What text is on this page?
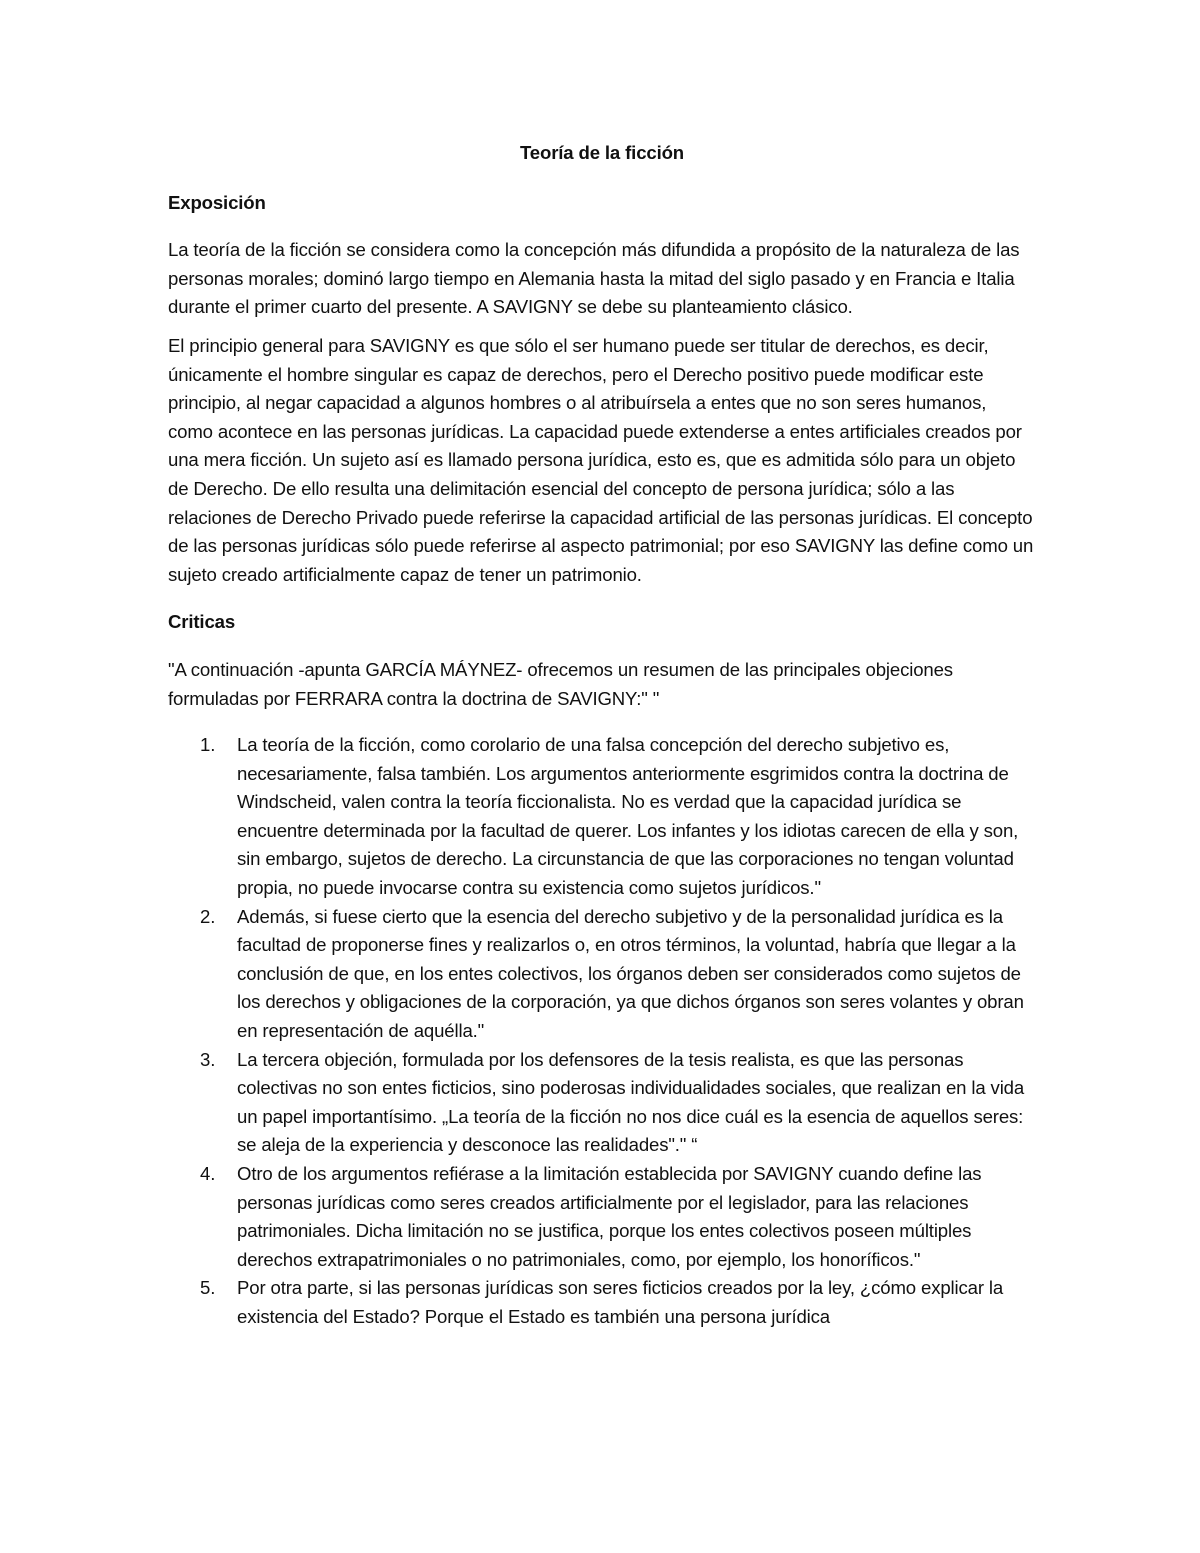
Teoría de la ficción
Exposición

La teoría de la ficción se considera como la concepción más difundida a propósito de la naturaleza de las personas morales; dominó largo tiempo en Alemania hasta la mitad del siglo pasado y en Francia e Italia durante el primer cuarto del presente. A SAVIGNY se debe su planteamiento clásico.

El principio general para SAVIGNY es que sólo el ser humano puede ser titular de derechos, es decir, únicamente el hombre singular es capaz de derechos, pero el Derecho positivo puede modificar este principio, al negar capacidad a algunos hombres o al atribuírsela a entes que no son seres humanos, como acontece en las personas jurídicas. La capacidad puede extenderse a entes artificiales creados por una mera ficción. Un sujeto así es llamado persona jurídica, esto es, que es admitida sólo para un objeto de Derecho. De ello resulta una delimitación esencial del concepto de persona jurídica; sólo a las relaciones de Derecho Privado puede referirse la capacidad artificial de las personas jurídicas. El concepto de las personas jurídicas sólo puede referirse al aspecto patrimonial; por eso SAVIGNY las define como un sujeto creado artificialmente capaz de tener un patrimonio.

Criticas

"A continuación -apunta GARCÍA MÁYNEZ- ofrecemos un resumen de las principales objeciones formuladas por FERRARA contra la doctrina de SAVIGNY:" "

1.	La teoría de la ficción, como corolario de una falsa concepción del derecho subjetivo es, necesariamente, falsa también. Los argumentos anteriormente esgrimidos contra la doctrina de Windscheid, valen contra la teoría ficcionalista. No es verdad que la capacidad jurídica se encuentre determinada por la facultad de querer. Los infantes y los idiotas carecen de ella y son, sin embargo, sujetos de derecho. La circunstancia de que las corporaciones no tengan voluntad propia, no puede invocarse contra su existencia como sujetos jurídicos."
2.	Además, si fuese cierto que la esencia del derecho subjetivo y de la personalidad jurídica es la facultad de proponerse fines y realizarlos o, en otros términos, la voluntad, habría que llegar a la conclusión de que, en los entes colectivos, los órganos deben ser considerados como sujetos de los derechos y obligaciones de la corporación, ya que dichos órganos son seres volantes y obran en representación de aquélla."
3.	La tercera objeción, formulada por los defensores de la tesis realista, es que las personas colectivas no son entes ficticios, sino poderosas individualidades sociales, que realizan en la vida un papel importantísimo. „La teoría de la ficción no nos dice cuál es la esencia de aquellos seres: se aleja de la experiencia y desconoce las realidades"." “
4.	Otro de los argumentos refiérase a la limitación establecida por SAVIGNY cuando define las personas jurídicas como seres creados artificialmente por el legislador, para las relaciones patrimoniales. Dicha limitación no se justifica, porque los entes colectivos poseen múltiples derechos extrapatrimoniales o no patrimoniales, como, por ejemplo, los honoríficos."
5.	Por otra parte, si las personas jurídicas son seres ficticios creados por la ley, ¿cómo explicar la existencia del Estado? Porque el Estado es también una persona jurídica
